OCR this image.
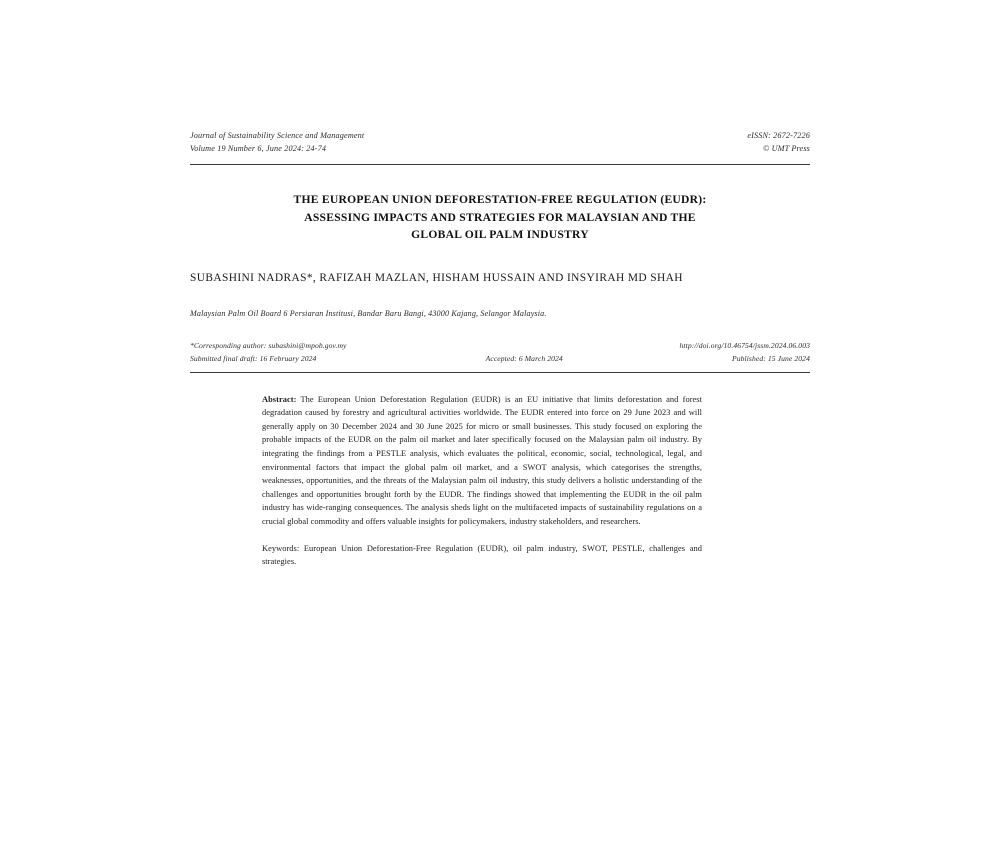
Journal of Sustainability Science and Management
Volume 19 Number 6, June 2024: 24-74
eISSN: 2672-7226
© UMT Press
THE EUROPEAN UNION DEFORESTATION-FREE REGULATION (EUDR):
ASSESSING IMPACTS AND STRATEGIES FOR MALAYSIAN AND THE
GLOBAL OIL PALM INDUSTRY
SUBASHINI NADRAS*, RAFIZAH MAZLAN, HISHAM HUSSAIN AND INSYIRAH MD SHAH
Malaysian Palm Oil Board 6 Persiaran Institusi, Bandar Baru Bangi, 43000 Kajang, Selangor Malaysia.
*Corresponding author: subashini@mpob.gov.my	http://doi.org/10.46754/jssm.2024.06.003
Submitted final draft: 16 February 2024	Accepted: 6 March 2024	Published: 15 June 2024
Abstract: The European Union Deforestation Regulation (EUDR) is an EU initiative that limits deforestation and forest degradation caused by forestry and agricultural activities worldwide. The EUDR entered into force on 29 June 2023 and will generally apply on 30 December 2024 and 30 June 2025 for micro or small businesses. This study focused on exploring the probable impacts of the EUDR on the palm oil market and later specifically focused on the Malaysian palm oil industry. By integrating the findings from a PESTLE analysis, which evaluates the political, economic, social, technological, legal, and environmental factors that impact the global palm oil market, and a SWOT analysis, which categorises the strengths, weaknesses, opportunities, and the threats of the Malaysian palm oil industry, this study delivers a holistic understanding of the challenges and opportunities brought forth by the EUDR. The findings showed that implementing the EUDR in the oil palm industry has wide-ranging consequences. The analysis sheds light on the multifaceted impacts of sustainability regulations on a crucial global commodity and offers valuable insights for policymakers, industry stakeholders, and researchers.
Keywords: European Union Deforestation-Free Regulation (EUDR), oil palm industry, SWOT, PESTLE, challenges and strategies.
